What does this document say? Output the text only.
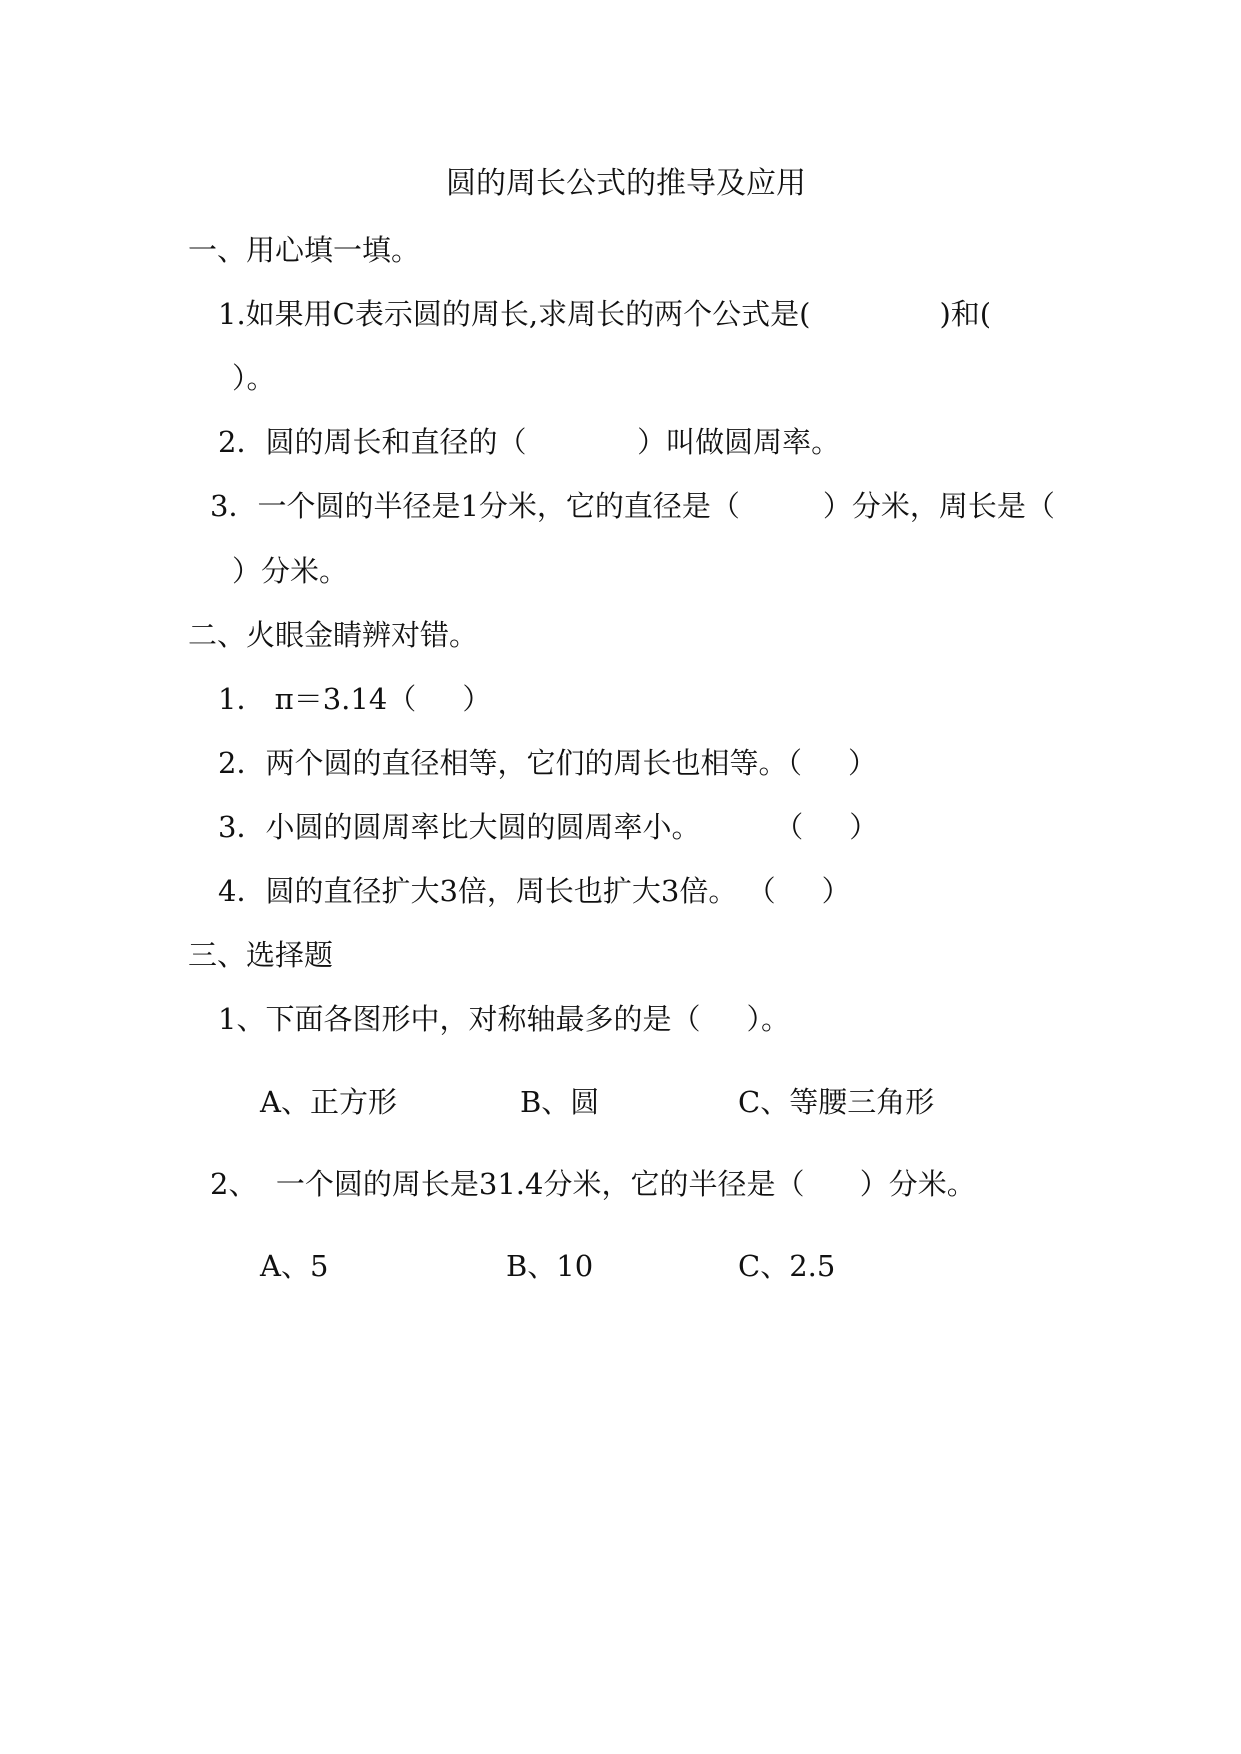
圆的周长公式的推导及应用
一、用心填一填。
1.如果用C表示圆的周长,求周长的两个公式是(              )和(
）。
2．圆的周长和直径的（            ）叫做圆周率。
3．一个圆的半径是1分米，它的直径是（         ）分米，周长是（
）分米。
二、火眼金睛辨对错。
1． π＝3.14（     ）
2．两个圆的直径相等，它们的周长也相等。（     ）
3．小圆的圆周率比大圆的圆周率小。        （     ）
4．圆的直径扩大3倍，周长也扩大3倍。 （     ）
三、选择题
1、下面各图形中，对称轴最多的是（     ）。
A、正方形	B、圆	C、等腰三角形
2、  一个圆的周长是31.4分米，它的半径是（      ）分米。
A、5	B、10	C、2.5
